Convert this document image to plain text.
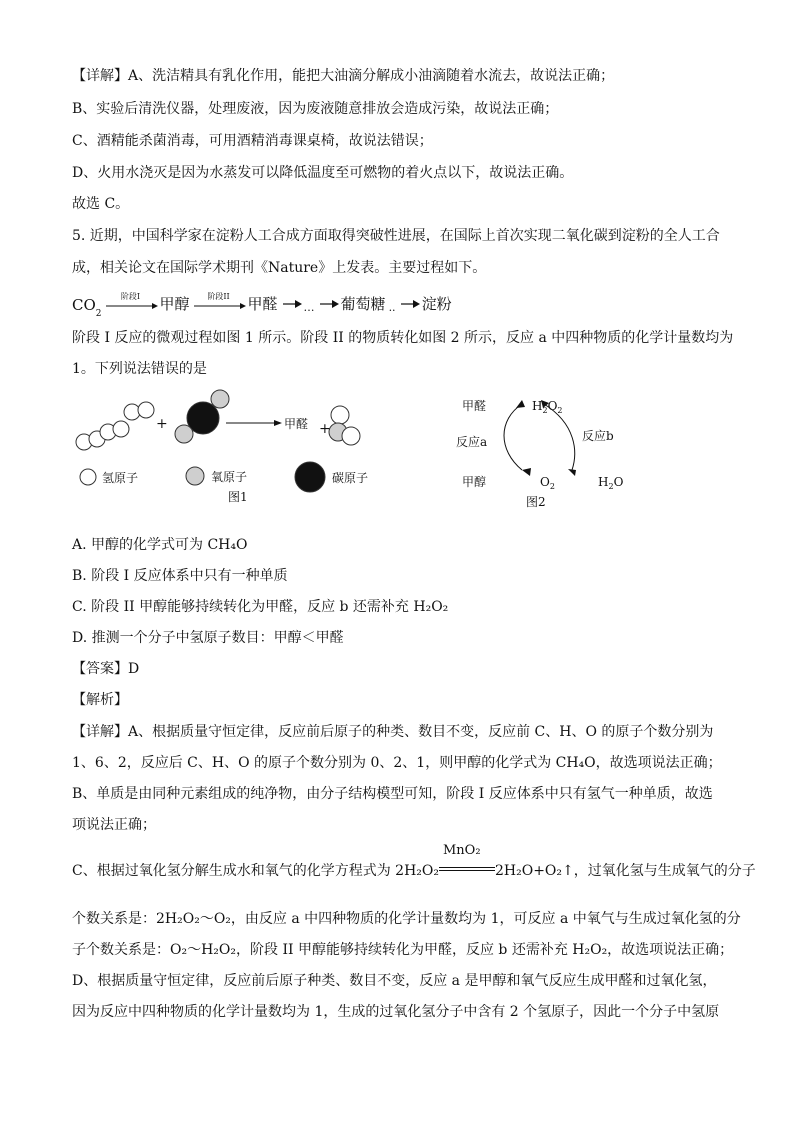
【详解】A、洗洁精具有乳化作用，能把大油滴分解成小油滴随着水流去，故说法正确；
B、实验后清洗仪器，处理废液，因为废液随意排放会造成污染，故说法正确；
C、酒精能杀菌消毒，可用酒精消毒课桌椅，故说法错误；
D、火用水浇灭是因为水蒸发可以降低温度至可燃物的着火点以下，故说法正确。
故选 C。
5. 近期，中国科学家在淀粉人工合成方面取得突破性进展，在国际上首次实现二氧化碳到淀粉的全人工合
成，相关论文在国际学术期刊《Nature》上发表。主要过程如下。
CO 2
阶段I	甲醇	阶段II	甲醛 … 葡萄糖 .. 淀粉
阶段 I 反应的微观过程如图 1 所示。阶段 II 的物质转化如图 2 所示，反应 a 中四种物质的化学计量数均为
1。下列说法错误的是
+	甲醛 +
氢原子	氧原子	碳原子
图1
甲醛	$H_2O_2$
反应a	反应b
甲醇	$O_2$	$H_2O$
图2
A. 甲醇的化学式可为 CH₄O
B. 阶段 I 反应体系中只有一种单质
C. 阶段 II 甲醇能够持续转化为甲醛，反应 b 还需补充 H₂O₂
D. 推测一个分子中氢原子数目：甲醇＜甲醛
【答案】D
【解析】
【详解】A、根据质量守恒定律，反应前后原子的种类、数目不变，反应前 C、H、O 的原子个数分别为
1、6、2，反应后 C、H、O 的原子个数分别为 0、2、1，则甲醇的化学式为 CH₄O，故选项说法正确；
B、单质是由同种元素组成的纯净物，由分子结构模型可知，阶段 I 反应体系中只有氢气一种单质，故选
项说法正确；
C、根据过氧化氢分解生成水和氧气的化学方程式为 2H₂O₂
MnO₂
2H₂O+O₂↑，过氧化氢与生成氧气的分子
个数关系是：2H₂O₂～O₂，由反应 a 中四种物质的化学计量数均为 1，可反应 a 中氧气与生成过氧化氢的分
子个数关系是：O₂～H₂O₂，阶段 II 甲醇能够持续转化为甲醛，反应 b 还需补充 H₂O₂，故选项说法正确；
D、根据质量守恒定律，反应前后原子种类、数目不变，反应 a 是甲醇和氧气反应生成甲醛和过氧化氢，
因为反应中四种物质的化学计量数均为 1，生成的过氧化氢分子中含有 2 个氢原子，因此一个分子中氢原
